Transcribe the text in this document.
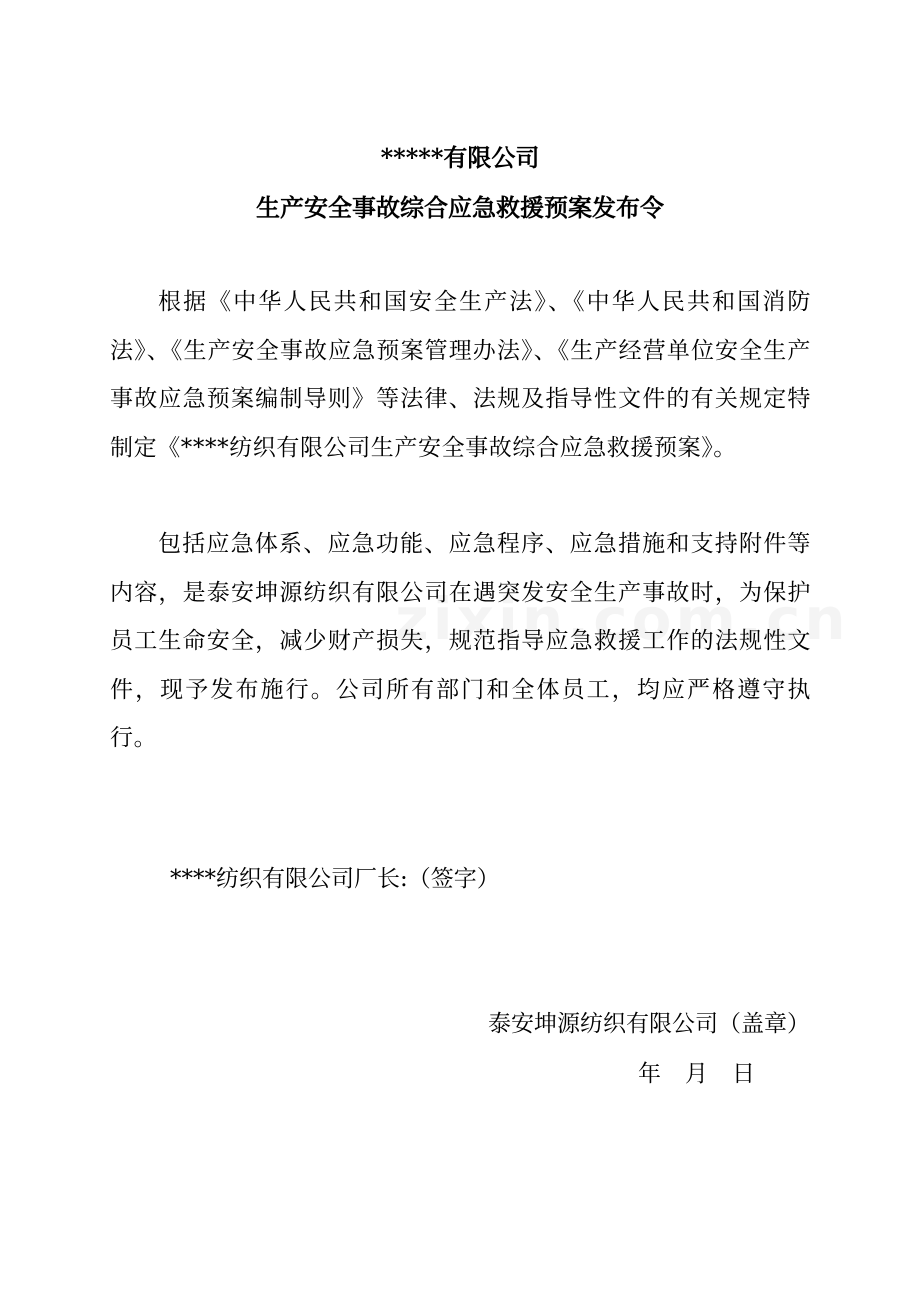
*****有限公司
生产安全事故综合应急救援预案发布令

根据《中华人民共和国安全生产法》、《中华人民共和国消防法》、《生产安全事故应急预案管理办法》、《生产经营单位安全生产事故应急预案编制导则》等法律、法规及指导性文件的有关规定特制定《****纺织有限公司生产安全事故综合应急救援预案》。

包括应急体系、应急功能、应急程序、应急措施和支持附件等内容，是泰安坤源纺织有限公司在遇突发安全生产事故时，为保护员工生命安全，减少财产损失，规范指导应急救援工作的法规性文件，现予发布施行。公司所有部门和全体员工，均应严格遵守执行。

****纺织有限公司厂长:（签字）
泰安坤源纺织有限公司（盖章）
年 月 日
